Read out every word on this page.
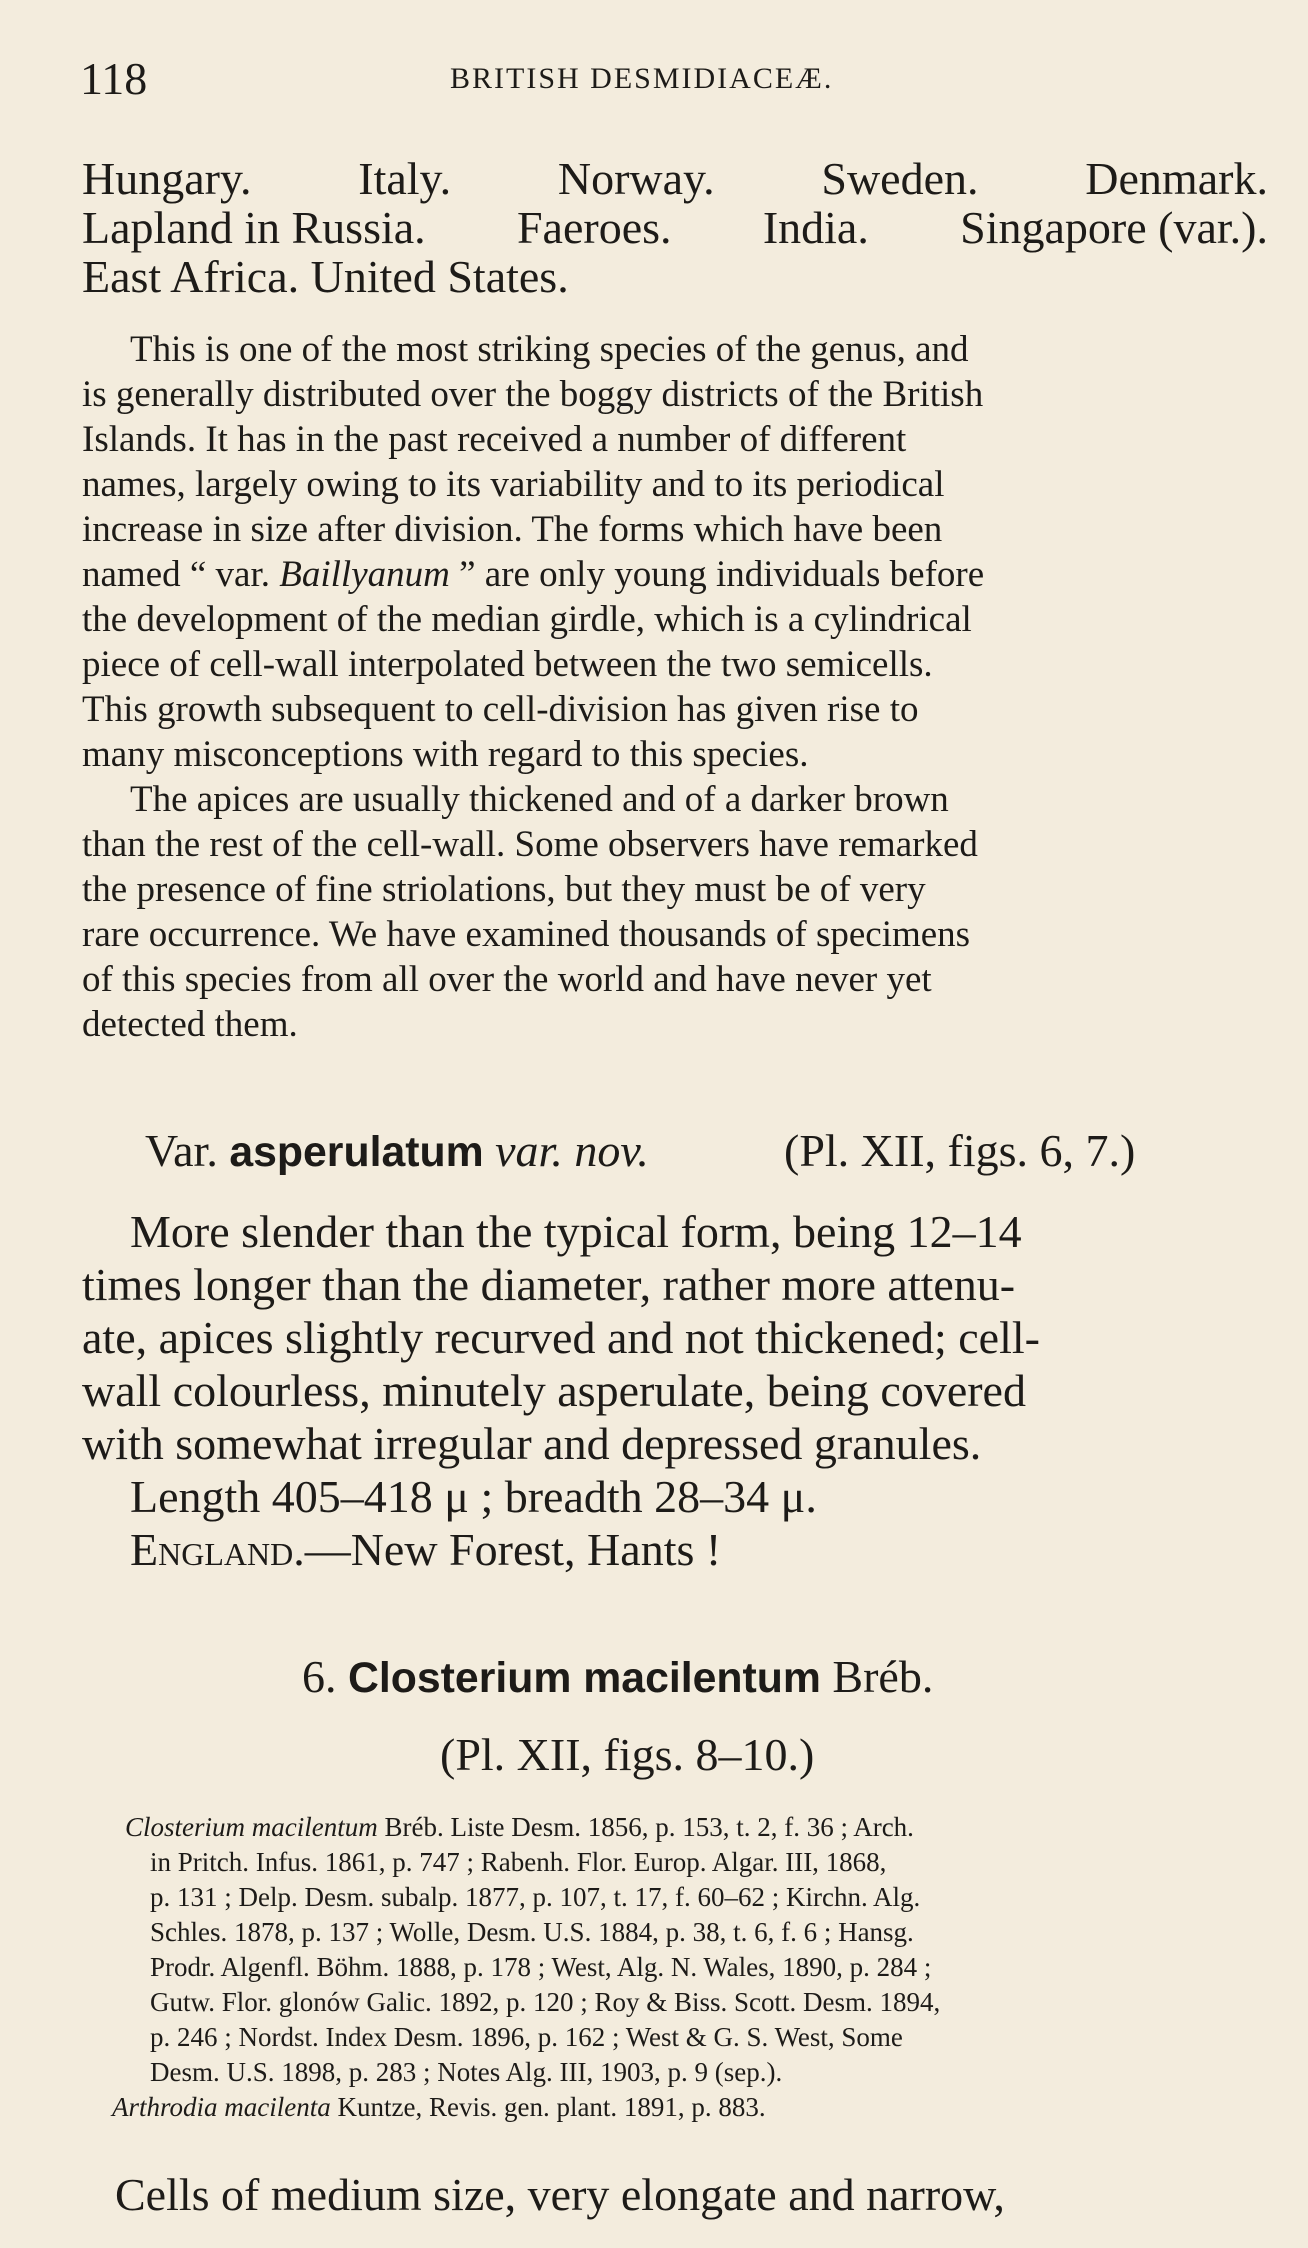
118	BRITISH DESMIDIACEÆ.
Hungary. Italy. Norway. Sweden. Denmark.
Lapland in Russia. Faeroes. India. Singapore (var.).
East Africa. United States.
This is one of the most striking species of the genus, and
is generally distributed over the boggy districts of the British
Islands. It has in the past received a number of different
names, largely owing to its variability and to its periodical
increase in size after division. The forms which have been
named “ var. Baillyanum ” are only young individuals before
the development of the median girdle, which is a cylindrical
piece of cell-wall interpolated between the two semicells.
This growth subsequent to cell-division has given rise to
many misconceptions with regard to this species.
The apices are usually thickened and of a darker brown
than the rest of the cell-wall. Some observers have remarked
the presence of fine striolations, but they must be of very
rare occurrence. We have examined thousands of specimens
of this species from all over the world and have never yet
detected them.
Var. asperulatum var. nov.	(Pl. XII, figs. 6, 7.)
More slender than the typical form, being 12–14
times longer than the diameter, rather more attenu-
ate, apices slightly recurved and not thickened; cell-
wall colourless, minutely asperulate, being covered
with somewhat irregular and depressed granules.
Length 405–418 μ ; breadth 28–34 μ.
England.—New Forest, Hants !
6. Closterium macilentum Bréb.
(Pl. XII, figs. 8–10.)
Closterium macilentum Bréb. Liste Desm. 1856, p. 153, t. 2, f. 36 ; Arch.
in Pritch. Infus. 1861, p. 747 ; Rabenh. Flor. Europ. Algar. III, 1868,
p. 131 ; Delp. Desm. subalp. 1877, p. 107, t. 17, f. 60–62 ; Kirchn. Alg.
Schles. 1878, p. 137 ; Wolle, Desm. U.S. 1884, p. 38, t. 6, f. 6 ; Hansg.
Prodr. Algenfl. Böhm. 1888, p. 178 ; West, Alg. N. Wales, 1890, p. 284 ;
Gutw. Flor. glonów Galic. 1892, p. 120 ; Roy & Biss. Scott. Desm. 1894,
p. 246 ; Nordst. Index Desm. 1896, p. 162 ; West & G. S. West, Some
Desm. U.S. 1898, p. 283 ; Notes Alg. III, 1903, p. 9 (sep.).
Arthrodia macilenta Kuntze, Revis. gen. plant. 1891, p. 883.
Cells of medium size, very elongate and narrow,
